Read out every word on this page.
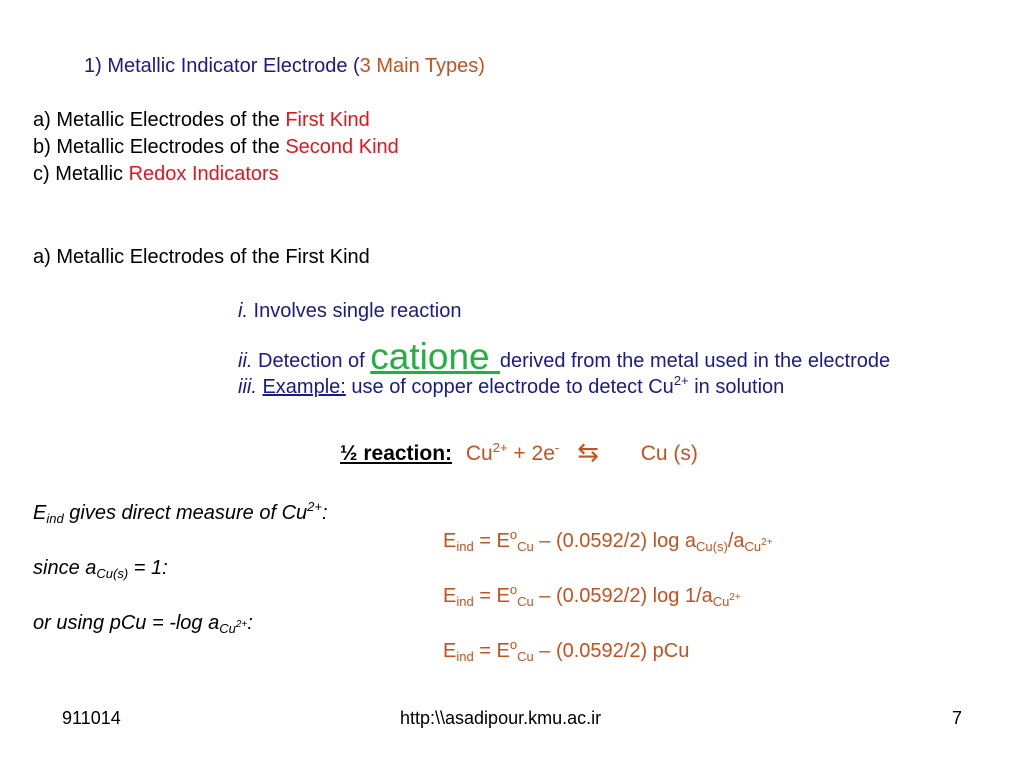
1) Metallic Indicator Electrode (3 Main Types)
a) Metallic Electrodes of the First Kind
b) Metallic Electrodes of the Second Kind
c) Metallic Redox Indicators
a) Metallic Electrodes of the First Kind
i. Involves single reaction
ii. Detection of catione derived from the metal used in the electrode
iii. Example: use of copper electrode to detect $Cu^{2+}$ in solution
½ reaction: $Cu^{2+} + 2e^-$ ⇆ Cu (s)
$E_{ind}$ gives direct measure of $Cu^{2+}$:
since $a_{Cu(s)} = 1$:
or using pCu = -log $a_{Cu^{2+}}$:
$E_{ind} = E^o_{Cu} - (0.0592/2)$ $\log a_{Cu(s)}/a_{Cu^{2+}}$
$E_{ind} = E^o_{Cu} - (0.0592/2)$ $\log 1/a_{Cu^{2+}}$
$E_{ind} = E^o_{Cu} - (0.0592/2)$ pCu
911014	http:\\asadipour.kmu.ac.ir	7
